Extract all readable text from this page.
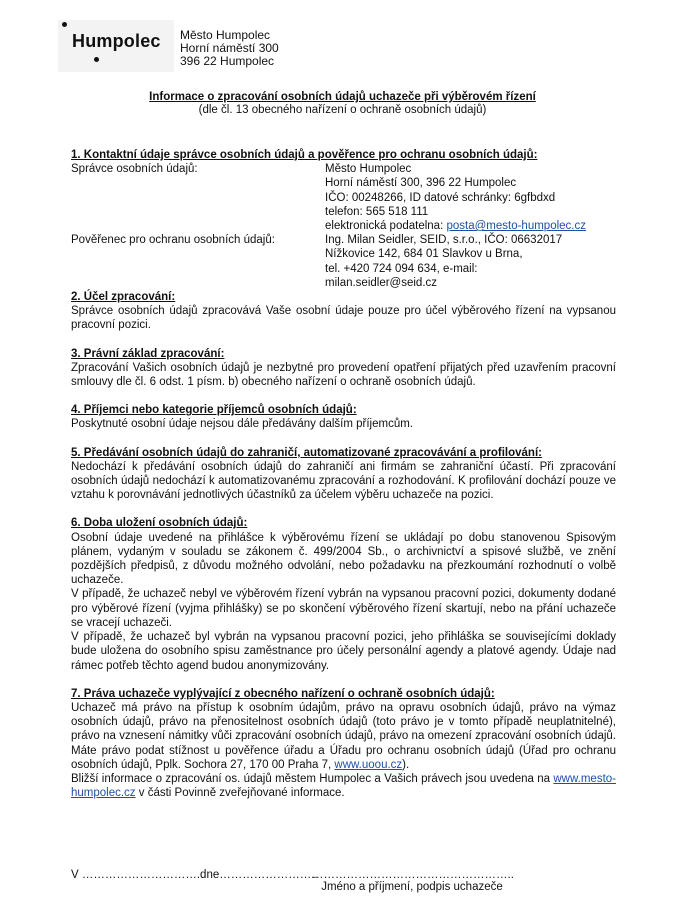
Humpolec Město Humpolec
Horní náměstí 300
396 22 Humpolec
Informace o zpracování osobních údajů uchazeče při výběrovém řízení
(dle čl. 13 obecného nařízení o ochraně osobních údajů)
1. Kontaktní údaje správce osobních údajů a pověřence pro ochranu osobních údajů:
Správce osobních údajů:	Město Humpolec
Horní náměstí 300, 396 22 Humpolec
IČO: 00248266, ID datové schránky: 6gfbdxd
telefon: 565 518 111
elektronická podatelna: posta@mesto-humpolec.cz
Pověřenec pro ochranu osobních údajů:	Ing. Milan Seidler, SEID, s.r.o., IČO: 06632017
Nížkovice 142, 684 01 Slavkov u Brna,
tel. +420 724 094 634, e-mail:
milan.seidler@seid.cz
2. Účel zpracování:
Správce osobních údajů zpracovává Vaše osobní údaje pouze pro účel výběrového řízení na vypsanou pracovní pozici.
3. Právní základ zpracování:
Zpracování Vašich osobních údajů je nezbytné pro provedení opatření přijatých před uzavřením pracovní smlouvy dle čl. 6 odst. 1 písm. b) obecného nařízení o ochraně osobních údajů.
4. Příjemci nebo kategorie příjemců osobních údajů:
Poskytnuté osobní údaje nejsou dále předávány dalším příjemcům.
5. Předávání osobních údajů do zahraničí, automatizované zpracovávání a profilování:
Nedochází k předávání osobních údajů do zahraničí ani firmám se zahraniční účastí. Při zpracování osobních údajů nedochází k automatizovanému zpracování a rozhodování. K profilování dochází pouze ve vztahu k porovnávání jednotlivých účastníků za účelem výběru uchazeče na pozici.
6. Doba uložení osobních údajů:
Osobní údaje uvedené na přihlášce k výběrovému řízení se ukládají po dobu stanovenou Spisovým plánem, vydaným v souladu se zákonem č. 499/2004 Sb., o archivnictví a spisové službě, ve znění pozdějších předpisů, z důvodu možného odvolání, nebo požadavku na přezkoumání rozhodnutí o volbě uchazeče.
V případě, že uchazeč nebyl ve výběrovém řízení vybrán na vypsanou pracovní pozici, dokumenty dodané pro výběrové řízení (vyjma přihlášky) se po skončení výběrového řízení skartují, nebo na přání uchazeče se vracejí uchazeči.
V případě, že uchazeč byl vybrán na vypsanou pracovní pozici, jeho přihláška se souvisejícími doklady bude uložena do osobního spisu zaměstnance pro účely personální agendy a platové agendy. Údaje nad rámec potřeb těchto agend budou anonymizovány.
7. Práva uchazeče vyplývající z obecného nařízení o ochraně osobních údajů:
Uchazeč má právo na přístup k osobním údajům, právo na opravu osobních údajů, právo na výmaz osobních údajů, právo na přenositelnost osobních údajů (toto právo je v tomto případě neuplatnitelné), právo na vznesení námitky vůči zpracování osobních údajů, právo na omezení zpracování osobních údajů. Máte právo podat stížnost u pověřence úřadu a Úřadu pro ochranu osobních údajů (Úřad pro ochranu osobních údajů, Pplk. Sochora 27, 170 00 Praha 7, www.uoou.cz).
Bližší informace o zpracování os. údajů městem Humpolec a Vašich právech jsou uvedena na www.mesto-humpolec.cz v části Povinně zveřejňované informace.
V ………………………….dne……………………..
……………………………………………..
Jméno a příjmení, podpis uchazeče
